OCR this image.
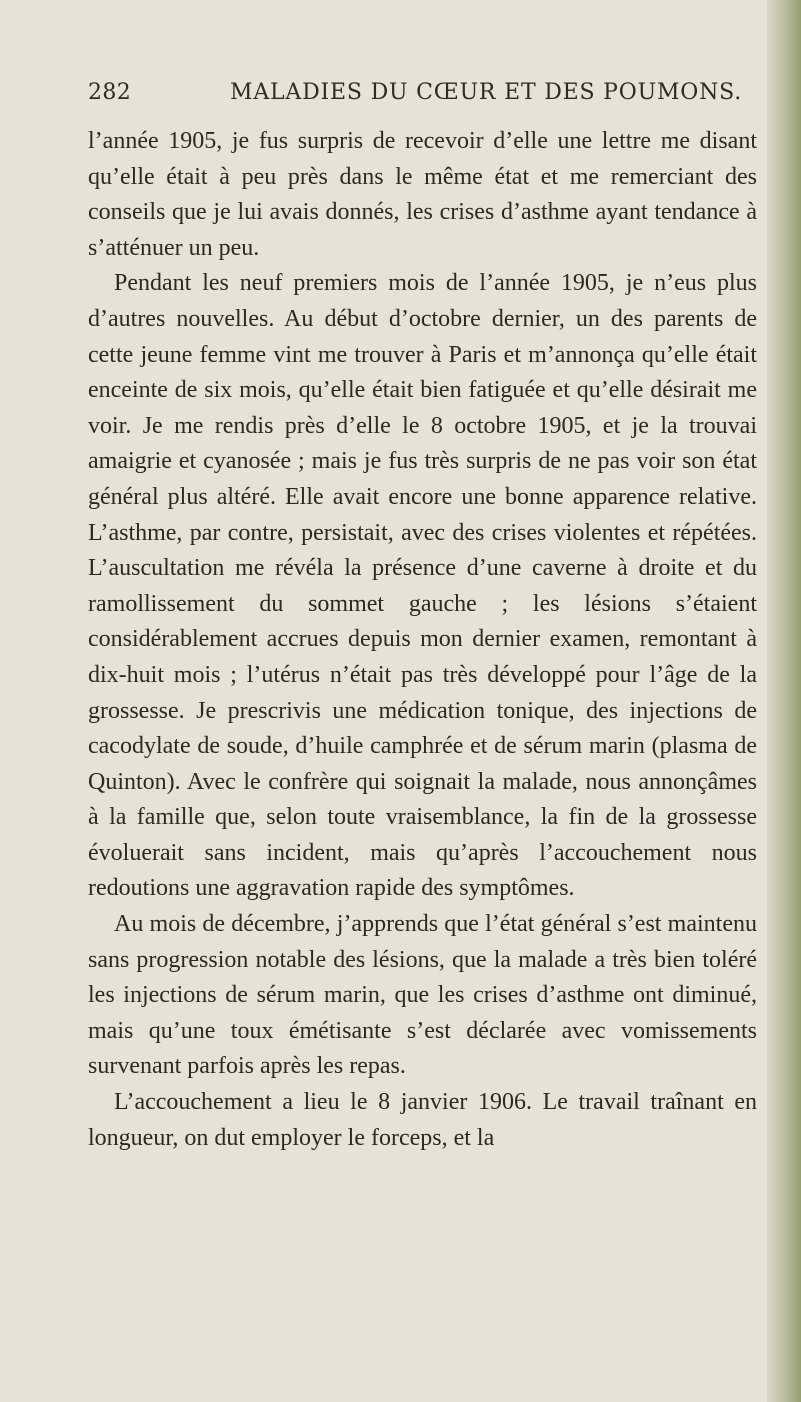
282	MALADIES DU CŒUR ET DES POUMONS.

l’année 1905, je fus surpris de recevoir d’elle une lettre me disant qu’elle était à peu près dans le même état et me remerciant des conseils que je lui avais donnés, les crises d’asthme ayant tendance à s’atténuer un peu.

Pendant les neuf premiers mois de l’année 1905, je n’eus plus d’autres nouvelles. Au début d’octobre dernier, un des parents de cette jeune femme vint me trouver à Paris et m’annonça qu’elle était enceinte de six mois, qu’elle était bien fatiguée et qu’elle désirait me voir. Je me rendis près d’elle le 8 octobre 1905, et je la trouvai amaigrie et cyanosée ; mais je fus très surpris de ne pas voir son état général plus altéré. Elle avait encore une bonne apparence relative. L’asthme, par contre, persistait, avec des crises violentes et répétées. L’auscultation me révéla la présence d’une caverne à droite et du ramollissement du sommet gauche ; les lésions s’étaient considérablement accrues depuis mon dernier examen, remontant à dix-huit mois ; l’utérus n’était pas très développé pour l’âge de la grossesse. Je prescrivis une médication tonique, des injections de cacodylate de soude, d’huile camphrée et de sérum marin (plasma de Quinton). Avec le confrère qui soignait la malade, nous annonçâmes à la famille que, selon toute vraisemblance, la fin de la grossesse évoluerait sans incident, mais qu’après l’accouchement nous redoutions une aggravation rapide des symptômes.

Au mois de décembre, j’apprends que l’état général s’est maintenu sans progression notable des lésions, que la malade a très bien toléré les injections de sérum marin, que les crises d’asthme ont diminué, mais qu’une toux émétisante s’est déclarée avec vomissements survenant parfois après les repas.

L’accouchement a lieu le 8 janvier 1906. Le travail traînant en longueur, on dut employer le forceps, et la
